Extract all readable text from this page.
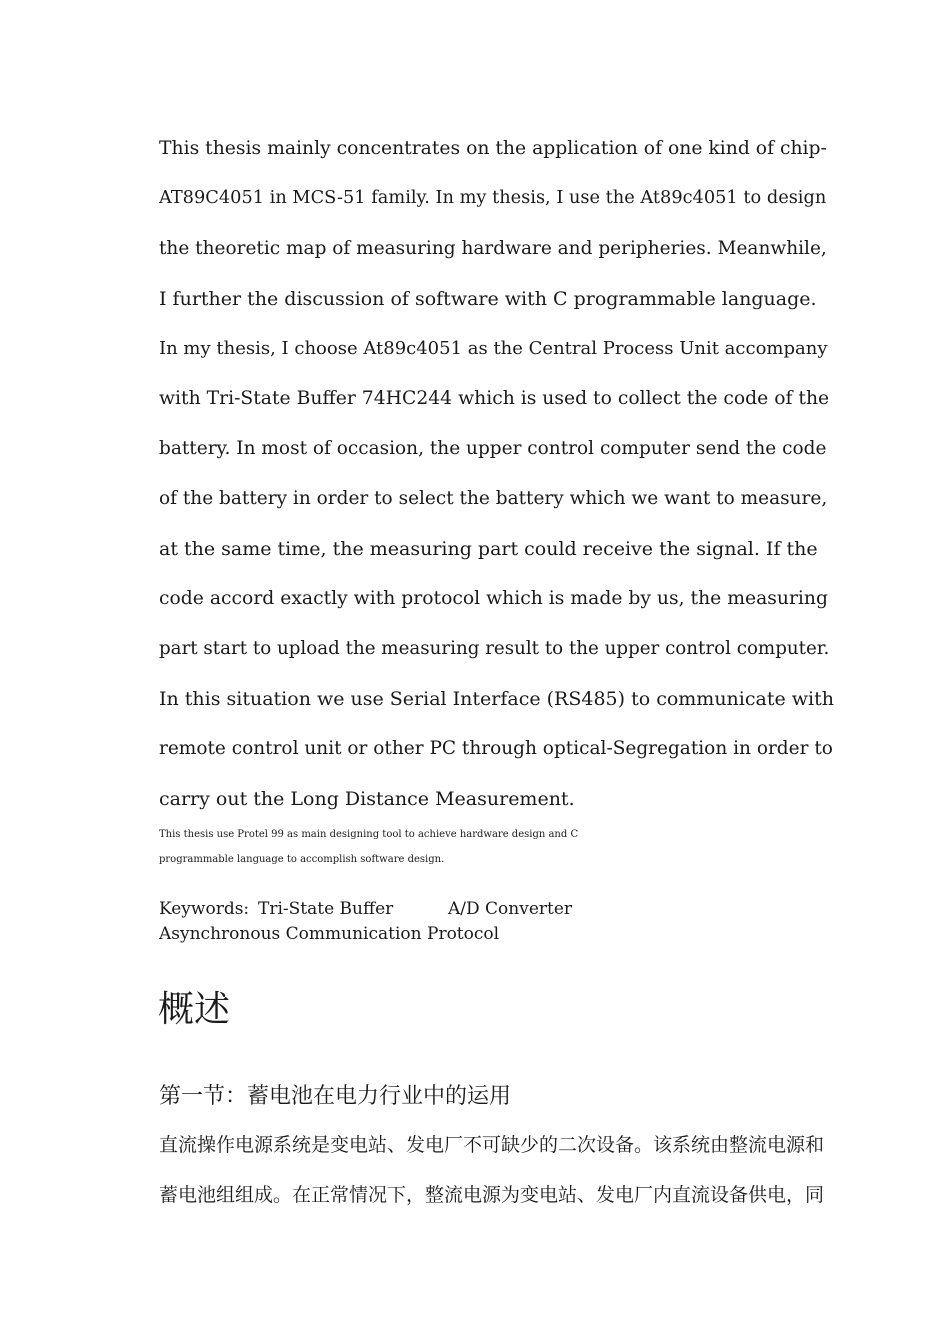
This thesis mainly concentrates on the application of one kind of chip-
AT89C4051 in MCS-51 family. In my thesis, I use the At89c4051 to design
the theoretic map of measuring hardware and peripheries. Meanwhile,
I further the discussion of software with C programmable language.
In my thesis, I choose At89c4051 as the Central Process Unit accompany
with Tri-State Buffer 74HC244 which is used to collect the code of the
battery. In most of occasion, the upper control computer send the code
of the battery in order to select the battery which we want to measure,
at the same time, the measuring part could receive the signal. If the
code accord exactly with protocol which is made by us, the measuring
part start to upload the measuring result to the upper control computer.
In this situation we use Serial Interface (RS485) to communicate with
remote control unit or other PC through optical-Segregation in order to
carry out the Long Distance Measurement.
This thesis use Protel 99 as main designing tool to achieve hardware design and C
programmable language to accomplish software design.
Keywords: Tri-State Buffer	A/D Converter
Asynchronous Communication Protocol
概述
第一节：蓄电池在电力行业中的运用
直流操作电源系统是变电站、发电厂不可缺少的二次设备。该系统由整流电源和
蓄电池组组成。在正常情况下，整流电源为变电站、发电厂内直流设备供电，同
